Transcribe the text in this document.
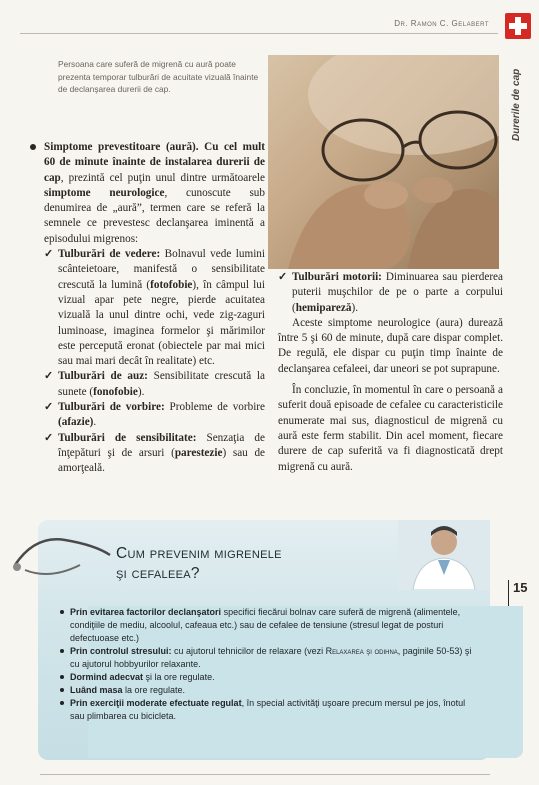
Dr. Ramon C. Gelabert
Durerile de cap
Persoana care suferă de migrenă cu aură poate prezenta temporar tulburări de acuitate vizuală înainte de declanşarea durerii de cap.
Simptome prevestitoare (aură). Cu cel mult 60 de minute înainte de instalarea durerii de cap, prezintă cel puţin unul dintre următoarele simptome neurologice, cunoscute sub denumirea de „aură”, termen care se referă la semnele ce prevestesc declanşarea iminentă a episodului migrenos:
✓ Tulburări de vedere: Bolnavul vede lumini scânteietoare, manifestă o sensibilitate crescută la lumină (fotofobie), în câmpul lui vizual apar pete negre, pierde acuitatea vizuală la unul dintre ochi, vede zig-zaguri luminoase, imaginea formelor şi mărimilor este percepută eronat (obiectele par mai mici sau mai mari decât în realitate) etc.
✓ Tulburări de auz: Sensibilitate crescută la sunete (fonofobie).
✓ Tulburări de vorbire: Probleme de vorbire (afazie).
✓ Tulburări de sensibilitate: Senzaţia de înţepături şi de arsuri (parestezie) sau de amorţeală.
✓ Tulburări motorii: Diminuarea sau pierderea puterii muşchilor de pe o parte a corpului (hemipareză).

Aceste simptome neurologice (aura) durează între 5 şi 60 de minute, după care dispar complet. De regulă, ele dispar cu puţin timp înainte de declanşarea cefaleei, dar uneori se pot suprapune.

În concluzie, în momentul în care o persoană a suferit două episoade de cefalee cu caracteristicile enumerate mai sus, diagnosticul de migrenă cu aură este ferm stabilit. Din acel moment, fiecare durere de cap suferită va fi diagnosticată drept migrenă cu aură.

Cum prevenim migrenele
şi cefaleea?
Prin evitarea factorilor declanşatori specifici fiecărui bolnav care suferă de migrenă (alimentele, condiţiile de mediu, alcoolul, cafeaua etc.) sau de cefalee de tensiune (stresul legat de posturi defectuoase etc.)
Prin controlul stresului: cu ajutorul tehnicilor de relaxare (vezi Relaxarea şi odihna, paginile 50-53) şi cu ajutorul hobbyurilor relaxante.
Dormind adecvat şi la ore regulate.
Luând masa la ore regulate.
Prin exerciţii moderate efectuate regulat, în special activităţi uşoare precum mersul pe jos, înotul sau plimbarea cu bicicleta.
15
